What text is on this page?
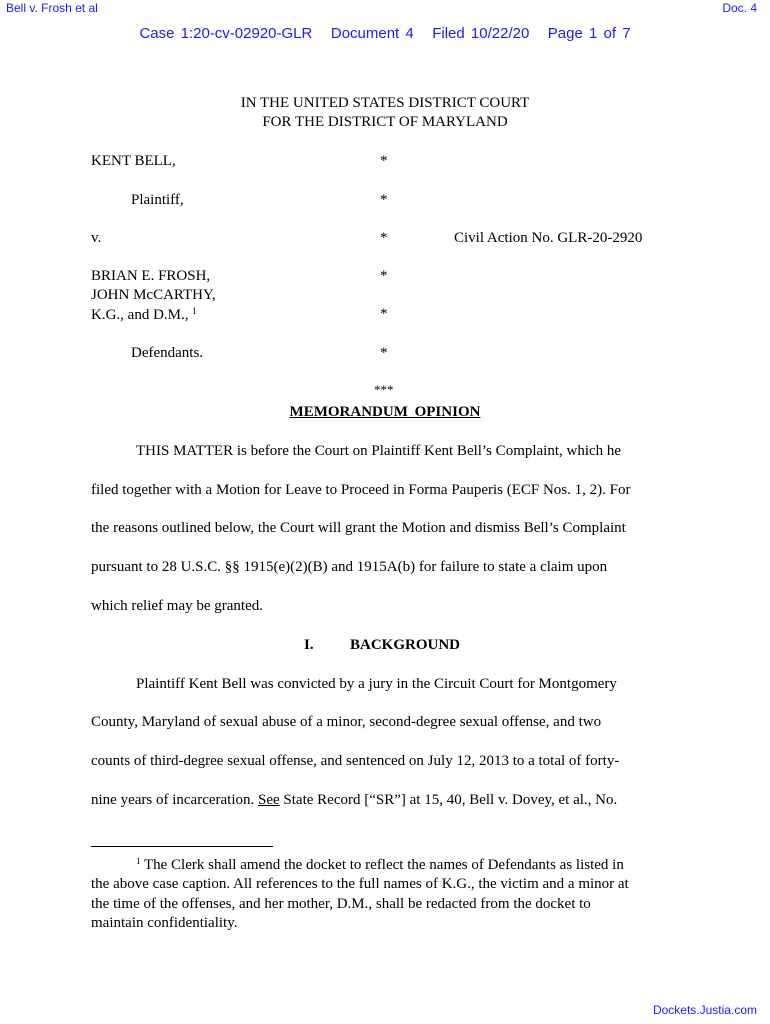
Bell v. Frosh et al	Doc. 4
Case 1:20-cv-02920-GLR   Document 4   Filed 10/22/20   Page 1 of 7
IN THE UNITED STATES DISTRICT COURT
FOR THE DISTRICT OF MARYLAND
KENT BELL,	*
Plaintiff,	*
v.	*	Civil Action No. GLR-20-2920
BRIAN E. FROSH,	*
JOHN McCARTHY,
K.G., and D.M., $^1$	*
Defendants.	*
***
MEMORANDUM OPINION
THIS MATTER is before the Court on Plaintiff Kent Bell’s Complaint, which he
filed together with a Motion for Leave to Proceed in Forma Pauperis (ECF Nos. 1, 2). For
the reasons outlined below, the Court will grant the Motion and dismiss Bell’s Complaint
pursuant to 28 U.S.C. §§ 1915(e)(2)(B) and 1915A(b) for failure to state a claim upon
which relief may be granted.
I. BACKGROUND
Plaintiff Kent Bell was convicted by a jury in the Circuit Court for Montgomery
County, Maryland of sexual abuse of a minor, second-degree sexual offense, and two
counts of third-degree sexual offense, and sentenced on July 12, 2013 to a total of forty-
nine years of incarceration. See State Record [“SR”] at 15, 40, Bell v. Dovey, et al., No.
$^1$ The Clerk shall amend the docket to reflect the names of Defendants as listed in
the above case caption. All references to the full names of K.G., the victim and a minor at
the time of the offenses, and her mother, D.M., shall be redacted from the docket to
maintain confidentiality.
Dockets.Justia.com
